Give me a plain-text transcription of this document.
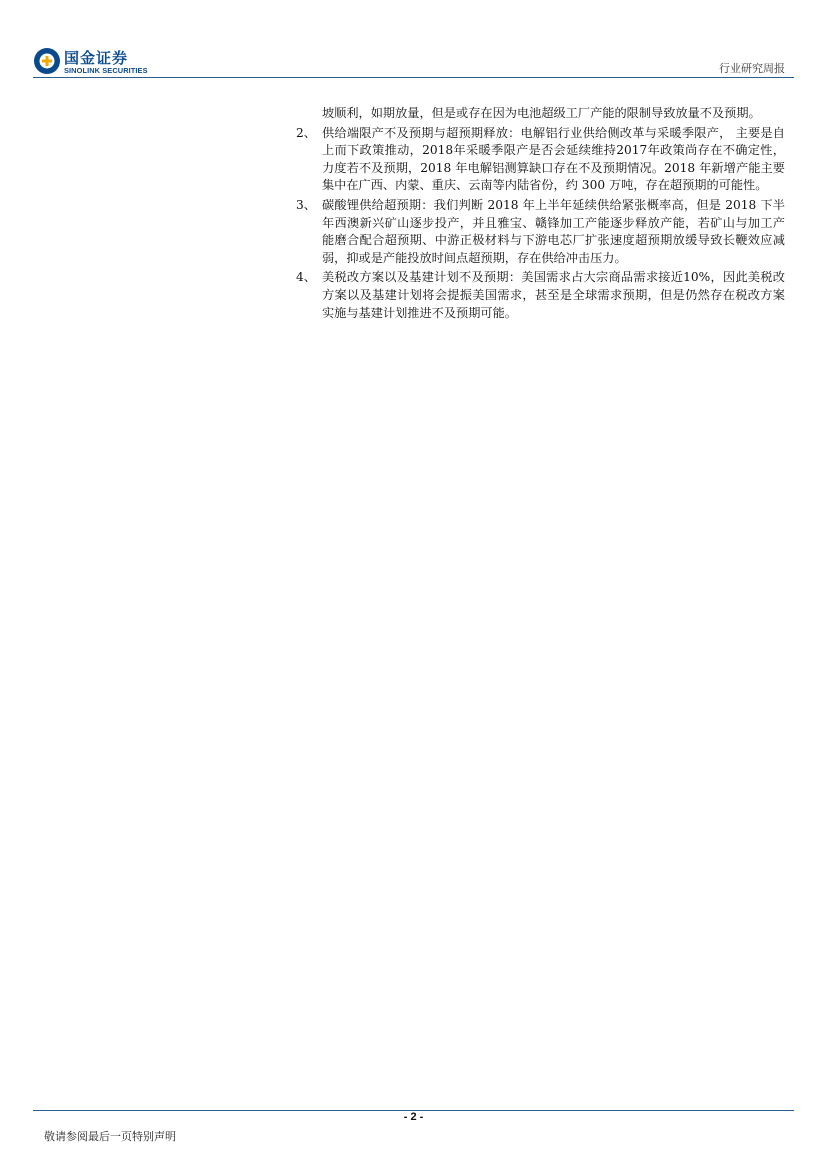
国金证券
SINOLINK SECURITIES	行业研究周报

坡顺利，如期放量，但是或存在因为电池超级工厂产能的限制导致放量不及预期。

2、 供给端限产不及预期与超预期释放：电解铝行业供给侧改革与采暖季限产， 主要是自上而下政策推动，2018年采暖季限产是否会延续维持2017年政策尚存在不确定性，力度若不及预期，2018 年电解铝测算缺口存在不及预期情况。2018 年新增产能主要集中在广西、内蒙、重庆、云南等内陆省份，约 300 万吨，存在超预期的可能性。
3、 碳酸锂供给超预期：我们判断 2018 年上半年延续供给紧张概率高，但是 2018 下半年西澳新兴矿山逐步投产，并且雅宝、赣锋加工产能逐步释放产能，若矿山与加工产能磨合配合超预期、中游正极材料与下游电芯厂扩张速度超预期放缓导致长鞭效应减弱，抑或是产能投放时间点超预期，存在供给冲击压力。
4、 美税改方案以及基建计划不及预期：美国需求占大宗商品需求接近10%，因此美税改方案以及基建计划将会提振美国需求，甚至是全球需求预期，但是仍然存在税改方案实施与基建计划推进不及预期可能。
- 2 -
敬请参阅最后一页特别声明
